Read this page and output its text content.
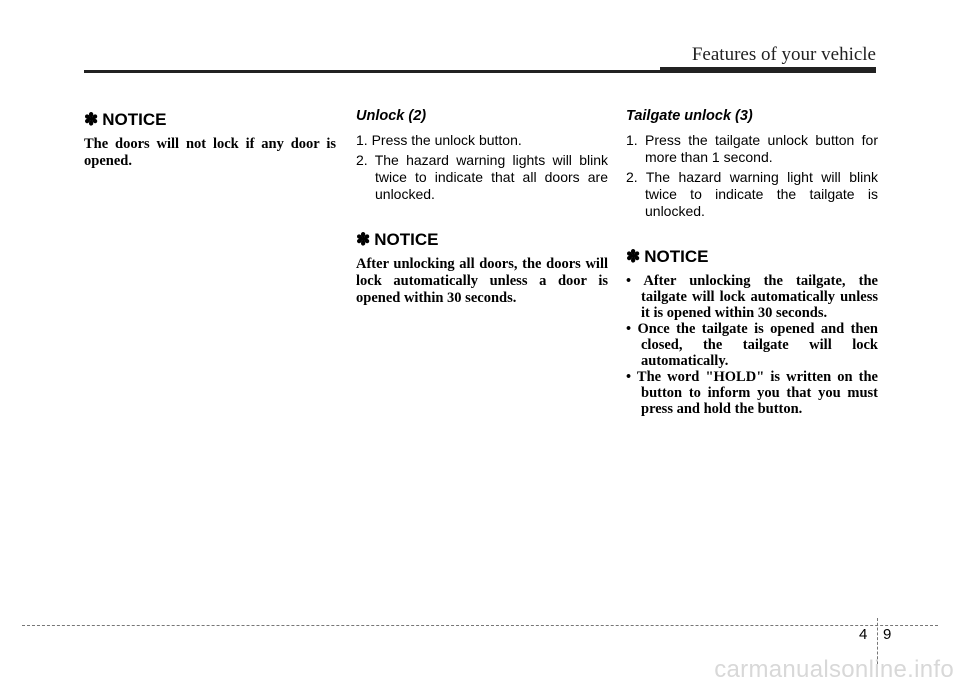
Features of your vehicle
✽ NOTICE

The doors will not lock if any door is opened.

Unlock (2)
1. Press the unlock button.
2. The hazard warning lights will blink twice to indicate that all doors are unlocked.
✽ NOTICE

After unlocking all doors, the doors will lock automatically unless a door is opened within 30 seconds.

Tailgate unlock (3)
1. Press the tailgate unlock button for more than 1 second.
2. The hazard warning light will blink twice to indicate the tailgate is unlocked.
✽ NOTICE
• After unlocking the tailgate, the tailgate will lock automatically unless it is opened within 30 seconds.
• Once the tailgate is opened and then closed, the tailgate will lock automatically.
• The word "HOLD" is written on the button to inform you that you must press and hold the button.
4 9
carmanualsonline.info
